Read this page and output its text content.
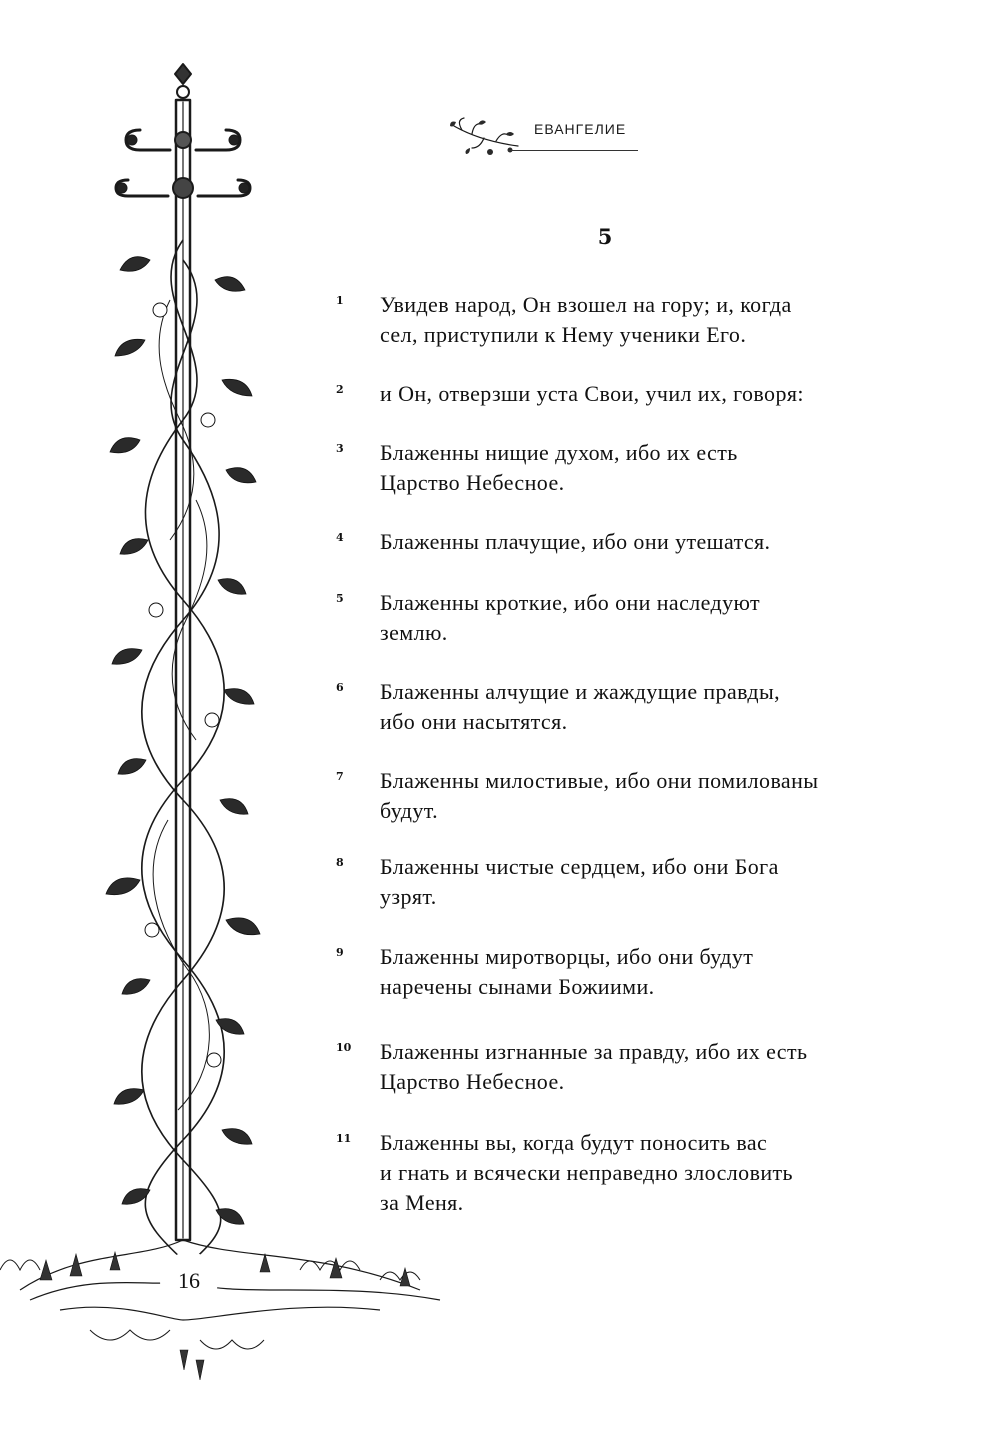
ЕВАНГЕЛИЕ
5
1	Увидев народ, Он взошел на гору; и, когда
сел, приступили к Нему ученики Его.
2	и Он, отверзши уста Свои, учил их, говоря:
3	Блаженны нищие духом, ибо их есть
Царство Небесное.
4	Блаженны плачущие, ибо они утешатся.
5	Блаженны кроткие, ибо они наследуют
землю.
6	Блаженны алчущие и жаждущие правды,
ибо они насытятся.
7	Блаженны милостивые, ибо они помилованы
будут.
8	Блаженны чистые сердцем, ибо они Бога
узрят.
9	Блаженны миротворцы, ибо они будут
наречены сынами Божиими.
10	Блаженны изгнанные за правду, ибо их есть
Царство Небесное.
11	Блаженны вы, когда будут поносить вас
и гнать и всячески неправедно злословить
за Меня.
16
